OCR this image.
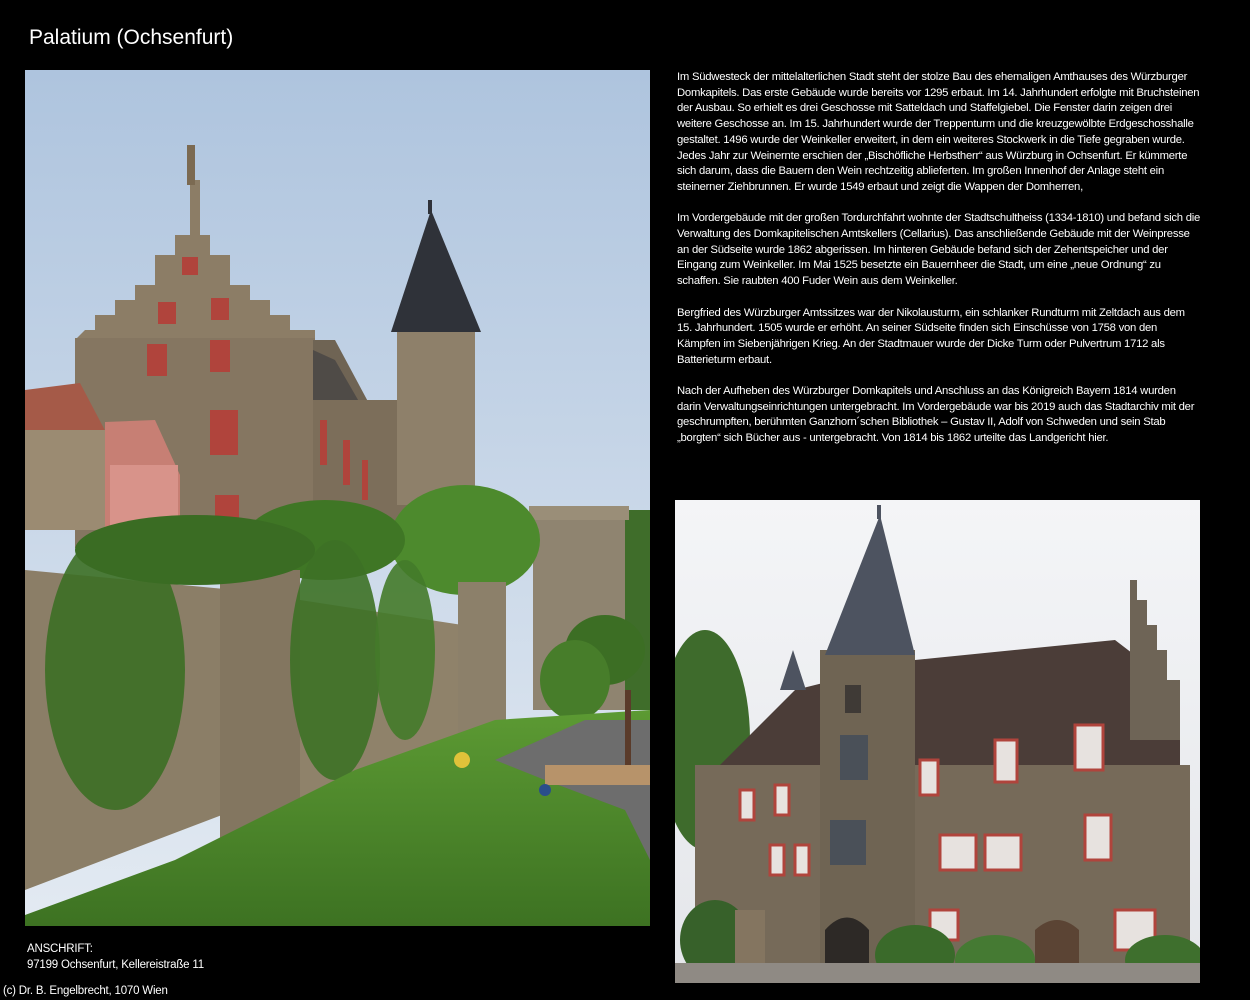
Palatium (Ochsenfurt)

Im Südwesteck der mittelalterlichen Stadt steht der stolze Bau des ehemaligen Amthauses des Würzburger Domkapitels. Das erste Gebäude wurde bereits vor 1295 erbaut. Im 14. Jahrhundert erfolgte mit Bruchsteinen der Ausbau. So erhielt es drei Geschosse mit Satteldach und Staffelgiebel. Die Fenster darin zeigen drei weitere Geschosse an. Im 15. Jahrhundert wurde der Treppenturm und die kreuzgewölbte Erdgeschosshalle gestaltet. 1496 wurde der Weinkeller erweitert, in dem ein weiteres Stockwerk in die Tiefe gegraben wurde. Jedes Jahr zur Weinernte erschien der „Bischöfliche Herbstherr“ aus Würzburg in Ochsenfurt. Er kümmerte sich darum, dass die Bauern den Wein rechtzeitig ablieferten. Im großen Innenhof der Anlage steht ein steinerner Ziehbrunnen. Er wurde 1549 erbaut und zeigt die Wappen der Domherren,

Im Vordergebäude mit der großen Tordurchfahrt wohnte der Stadtschultheiss (1334-1810) und befand sich die Verwaltung des Domkapitelischen Amtskellers (Cellarius). Das anschließende Gebäude mit der Weinpresse an der Südseite wurde 1862 abgerissen. Im hinteren Gebäude befand sich der Zehentspeicher und der Eingang zum Weinkeller. Im Mai 1525 besetzte ein Bauernheer die Stadt, um eine „neue Ordnung“ zu schaffen. Sie raubten 400 Fuder Wein aus dem Weinkeller.

Bergfried des Würzburger Amtssitzes war der Nikolausturm, ein schlanker Rundturm mit Zeltdach aus dem 15. Jahrhundert. 1505 wurde er erhöht. An seiner Südseite finden sich Einschüsse von 1758 von den Kämpfen im Siebenjährigen Krieg. An der Stadtmauer wurde der Dicke Turm oder Pulvertrum 1712 als Batterieturm erbaut.

Nach der Aufheben des Würzburger Domkapitels und Anschluss an das Königreich Bayern 1814 wurden darin Verwaltungseinrichtungen untergebracht. Im Vordergebäude war bis 2019 auch das Stadtarchiv mit der geschrumpften, berühmten Ganzhorn´schen Bibliothek – Gustav II, Adolf von Schweden und sein Stab „borgten“ sich Bücher aus - untergebracht. Von 1814 bis 1862 urteilte das Landgericht hier.

ANSCHRIFT:
97199 Ochsenfurt, Kellereistraße 11
(c) Dr. B. Engelbrecht, 1070 Wien
